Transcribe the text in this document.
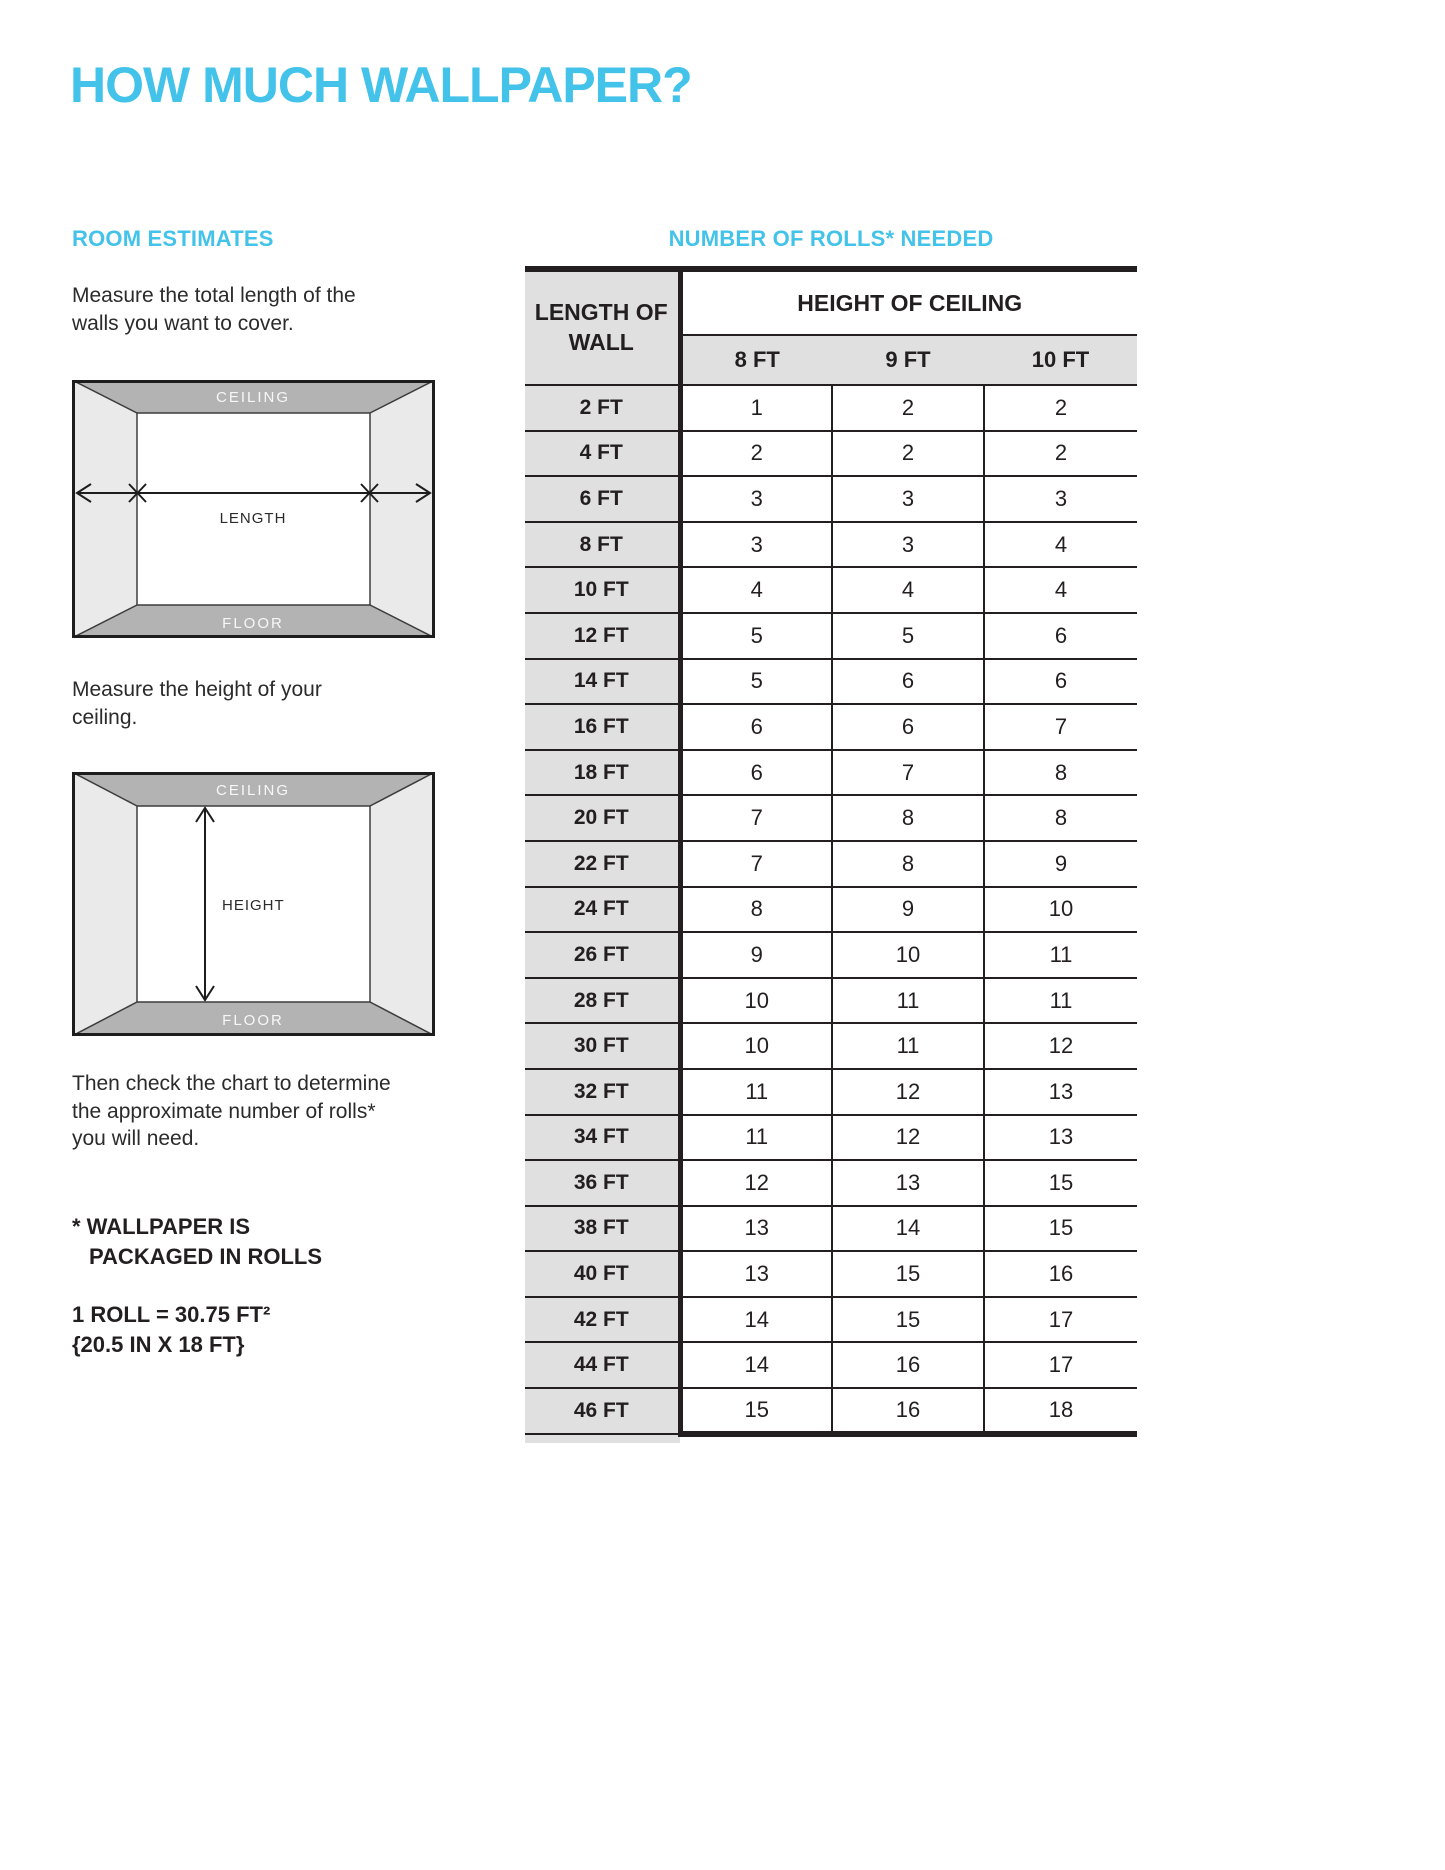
HOW MUCH WALLPAPER?
ROOM ESTIMATES

Measure the total length of the walls you want to cover.

CEILING
FLOOR
LENGTH

Measure the height of your ceiling.

CEILING
FLOOR
HEIGHT

Then check the chart to determine the approximate number of rolls* you will need.

* WALLPAPER IS
PACKAGED IN ROLLS
1 ROLL = 30.75 FT²
{20.5 IN X 18 FT}
NUMBER OF ROLLS* NEEDED
LENGTH OF WALL	HEIGHT OF CEILING		
	8 FT	9 FT	10 FT
2 FT	1	2	2
4 FT	2	2	2
6 FT	3	3	3
8 FT	3	3	4
10 FT	4	4	4
12 FT	5	5	6
14 FT	5	6	6
16 FT	6	6	7
18 FT	6	7	8
20 FT	7	8	8
22 FT	7	8	9
24 FT	8	9	10
26 FT	9	10	11
28 FT	10	11	11
30 FT	10	11	12
32 FT	11	12	13
34 FT	11	12	13
36 FT	12	13	15
38 FT	13	14	15
40 FT	13	15	16
42 FT	14	15	17
44 FT	14	16	17
46 FT	15	16	18
